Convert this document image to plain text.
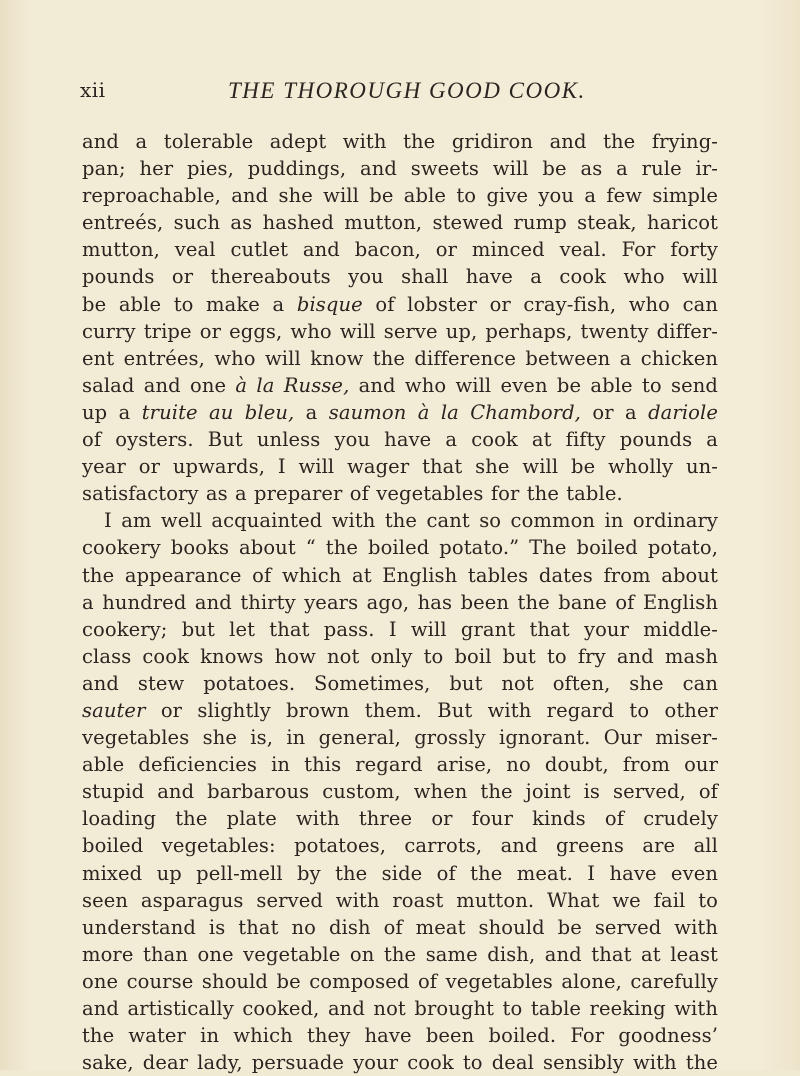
xii	THE THOROUGH GOOD COOK.
and a tolerable adept with the gridiron and the frying-
pan; her pies, puddings, and sweets will be as a rule ir-
reproachable, and she will be able to give you a few simple
entreés, such as hashed mutton, stewed rump steak, haricot
mutton, veal cutlet and bacon, or minced veal. For forty
pounds or thereabouts you shall have a cook who will
be able to make a bisque of lobster or cray-fish, who can
curry tripe or eggs, who will serve up, perhaps, twenty differ-
ent entrées, who will know the difference between a chicken
salad and one à la Russe, and who will even be able to send
up a truite au bleu, a saumon à la Chambord, or a dariole
of oysters. But unless you have a cook at fifty pounds a
year or upwards, I will wager that she will be wholly un-
satisfactory as a preparer of vegetables for the table.
I am well acquainted with the cant so common in ordinary
cookery books about “ the boiled potato.” The boiled potato,
the appearance of which at English tables dates from about
a hundred and thirty years ago, has been the bane of English
cookery; but let that pass. I will grant that your middle-
class cook knows how not only to boil but to fry and mash
and stew potatoes. Sometimes, but not often, she can
sauter or slightly brown them. But with regard to other
vegetables she is, in general, grossly ignorant. Our miser-
able deficiencies in this regard arise, no doubt, from our
stupid and barbarous custom, when the joint is served, of
loading the plate with three or four kinds of crudely
boiled vegetables: potatoes, carrots, and greens are all
mixed up pell-mell by the side of the meat. I have even
seen asparagus served with roast mutton. What we fail to
understand is that no dish of meat should be served with
more than one vegetable on the same dish, and that at least
one course should be composed of vegetables alone, carefully
and artistically cooked, and not brought to table reeking with
the water in which they have been boiled. For goodness’
sake, dear lady, persuade your cook to deal sensibly with the
